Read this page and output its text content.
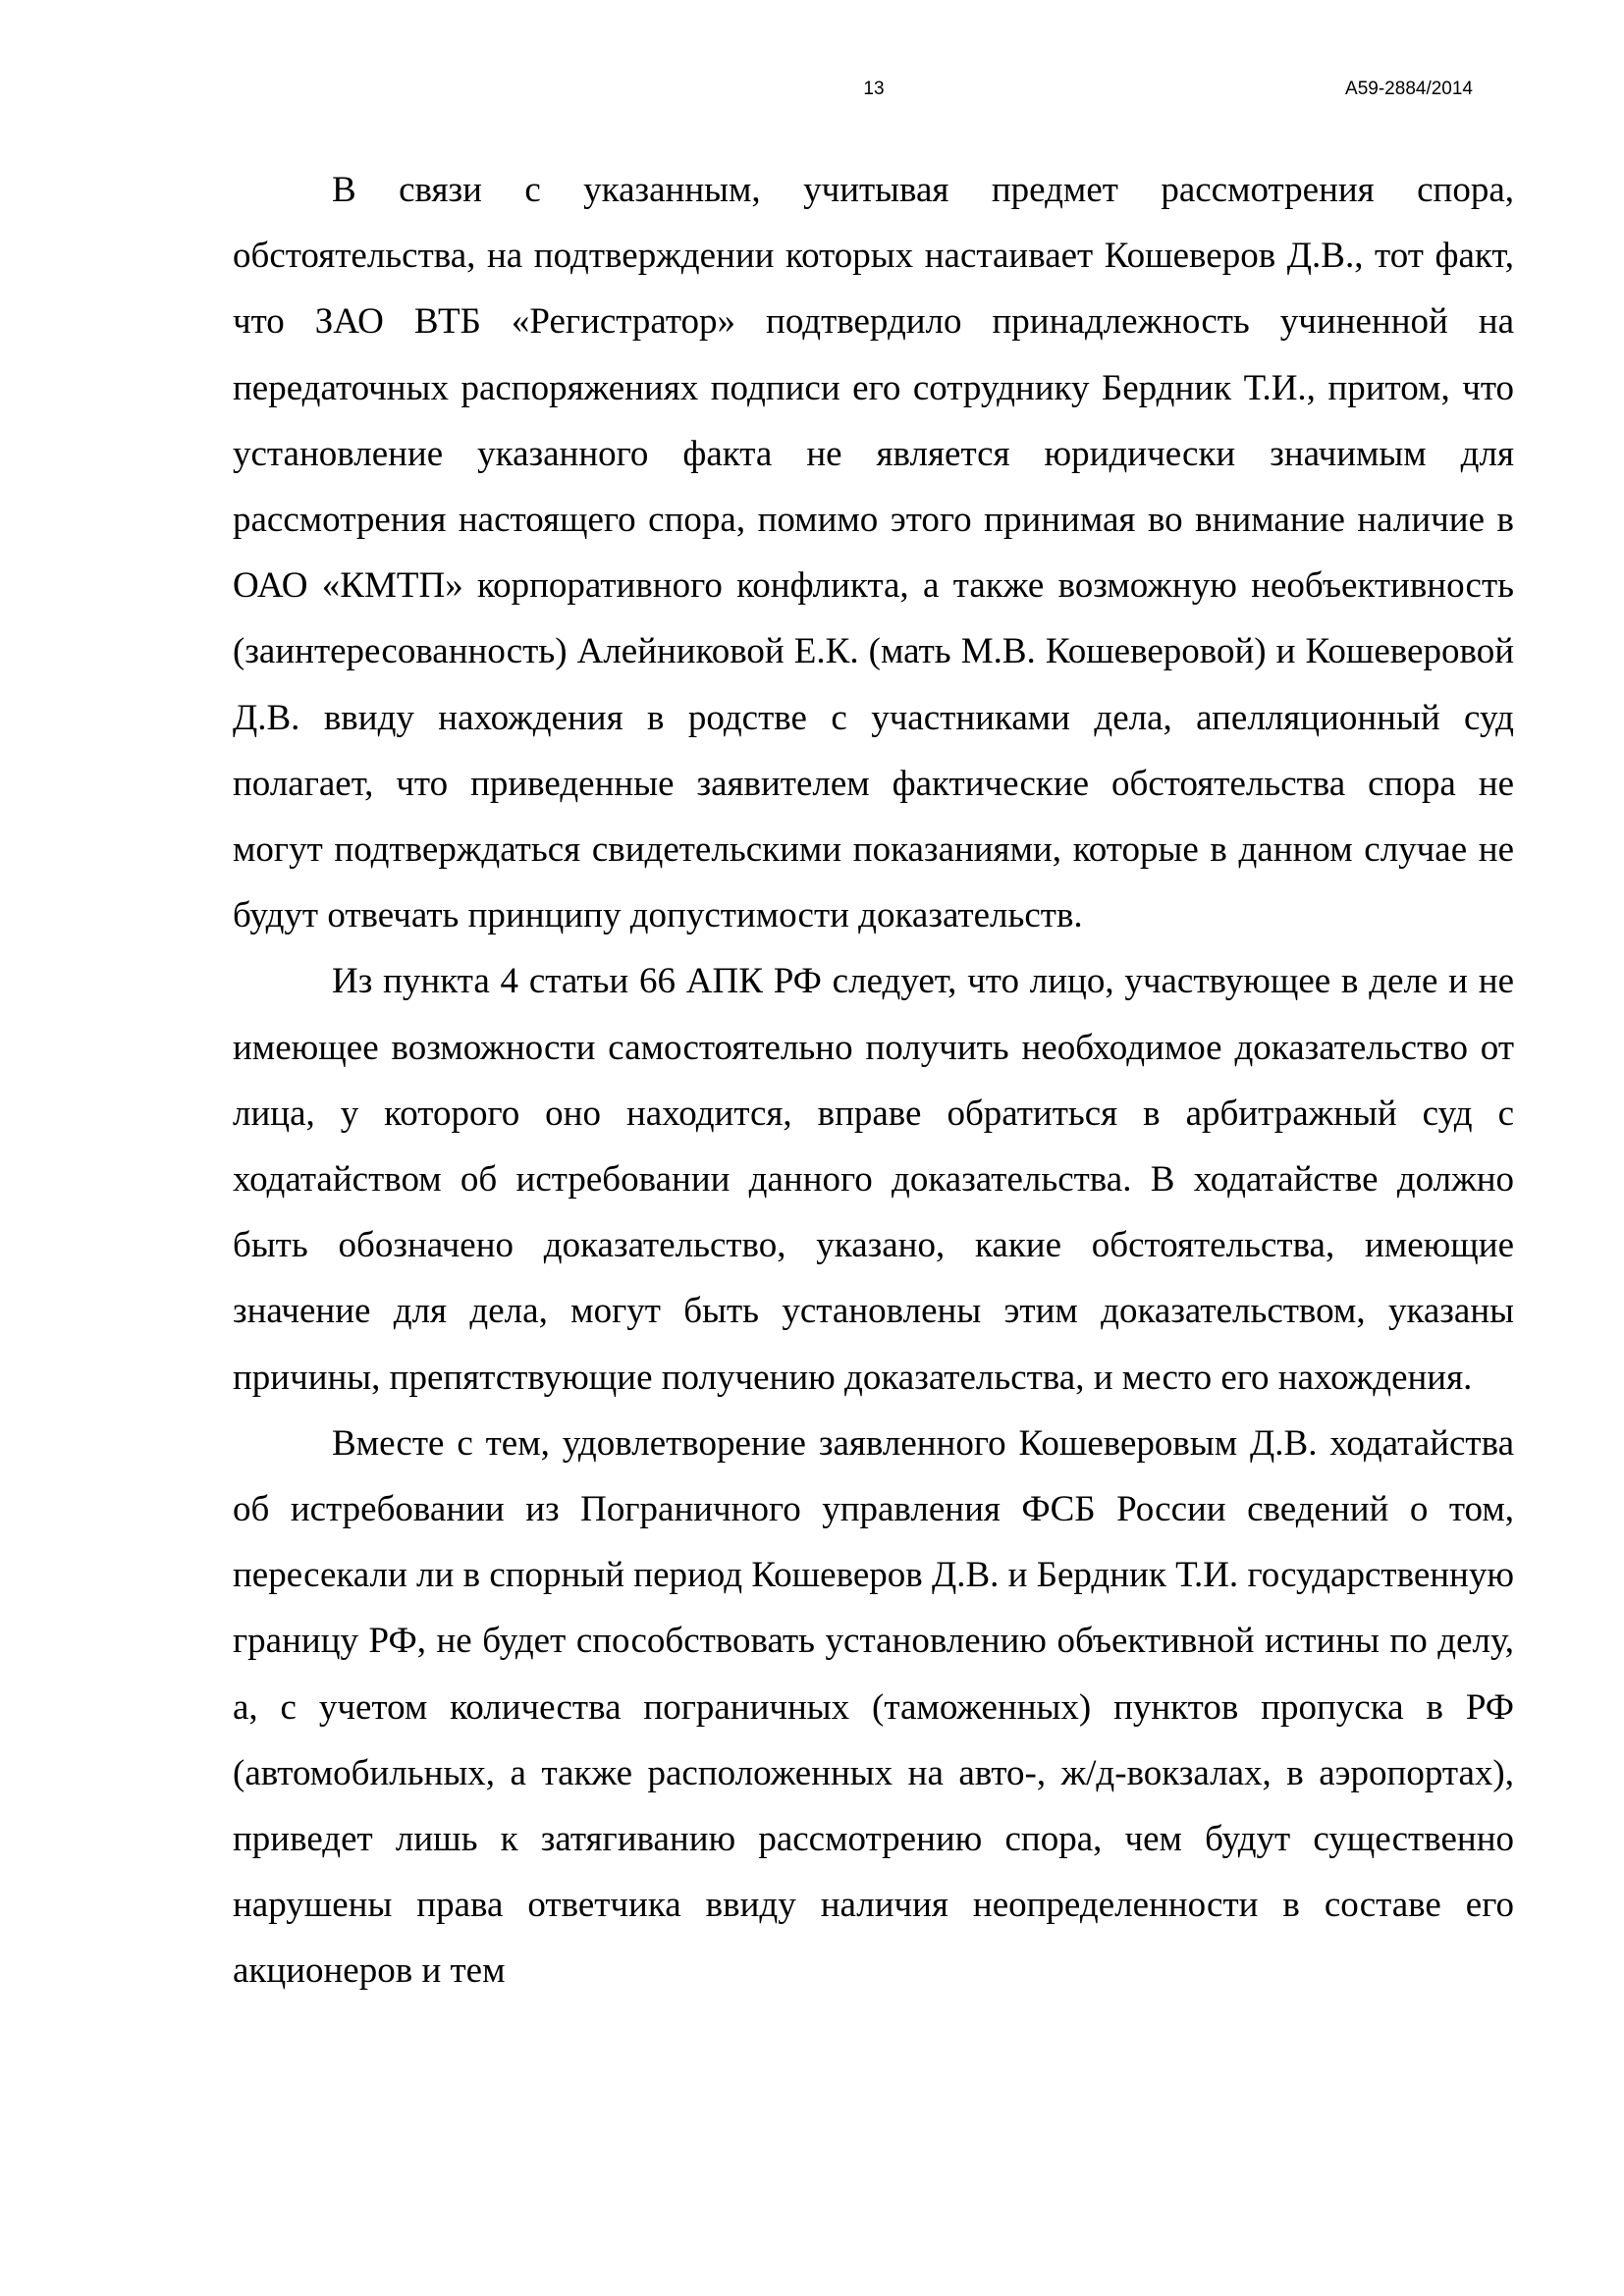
13	А59-2884/2014

В связи с указанным, учитывая предмет рассмотрения спора, обстоятельства, на подтверждении которых настаивает Кошеверов Д.В., тот факт, что ЗАО ВТБ «Регистратор» подтвердило принадлежность учиненной на передаточных распоряжениях подписи его сотруднику Бердник Т.И., притом, что установление указанного факта не является юридически значимым для рассмотрения настоящего спора, помимо этого принимая во внимание наличие в ОАО «КМТП» корпоративного конфликта, а также возможную необъективность (заинтересованность) Алейниковой Е.К. (мать М.В. Кошеверовой) и Кошеверовой Д.В. ввиду нахождения в родстве с участниками дела, апелляционный суд полагает, что приведенные заявителем фактические обстоятельства спора не могут подтверждаться свидетельскими показаниями, которые в данном случае не будут отвечать принципу допустимости доказательств.

Из пункта 4 статьи 66 АПК РФ следует, что лицо, участвующее в деле и не имеющее возможности самостоятельно получить необходимое доказательство от лица, у которого оно находится, вправе обратиться в арбитражный суд с ходатайством об истребовании данного доказательства. В ходатайстве должно быть обозначено доказательство, указано, какие обстоятельства, имеющие значение для дела, могут быть установлены этим доказательством, указаны причины, препятствующие получению доказательства, и место его нахождения.

Вместе с тем, удовлетворение заявленного Кошеверовым Д.В. ходатайства об истребовании из Пограничного управления ФСБ России сведений о том, пересекали ли в спорный период Кошеверов Д.В. и Бердник Т.И. государственную границу РФ, не будет способствовать установлению объективной истины по делу, а, с учетом количества пограничных (таможенных) пунктов пропуска в РФ (автомобильных, а также расположенных на авто-, ж/д-вокзалах, в аэропортах), приведет лишь к затягиванию рассмотрению спора, чем будут существенно нарушены права ответчика ввиду наличия неопределенности в составе его акционеров и тем
